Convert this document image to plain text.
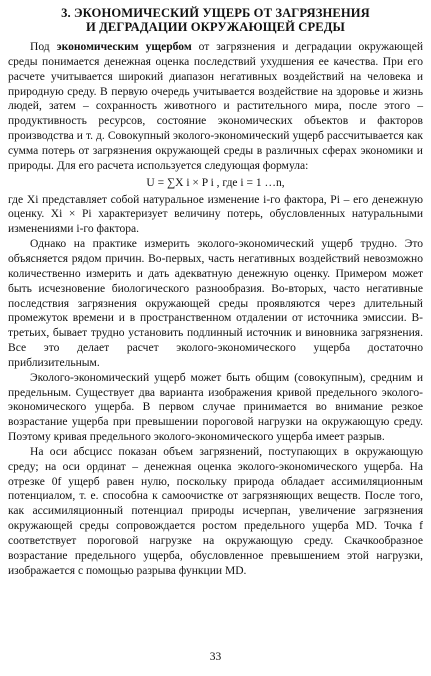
3. ЭКОНОМИЧЕСКИЙ УЩЕРБ ОТ ЗАГРЯЗНЕНИЯ
И ДЕГРАДАЦИИ ОКРУЖАЮЩЕЙ СРЕДЫ

Под экономическим ущербом от загрязнения и деградации окружающей среды понимается денежная оценка последствий ухудшения ее качества. При его расчете учитывается широкий диапазон негативных воздействий на человека и природную среду. В первую очередь учитывается воздействие на здоровье и жизнь людей, затем – сохранность животного и растительного мира, после этого – продуктивность ресурсов, состояние экономических объектов и факторов производства и т. д. Совокупный эколого-экономический ущерб рассчитывается как сумма потерь от загрязнения окружающей среды в различных сферах экономики и природы. Для его расчета используется следующая формула:

U = ∑X i × P i , где i = 1 …n,

где Xi представляет собой натуральное изменение i-го фактора, Pi – его денежную оценку. Xi × Pi характеризует величину потерь, обусловленных натуральными изменениями i-го фактора.

Однако на практике измерить эколого-экономический ущерб трудно. Это объясняется рядом причин. Во-первых, часть негативных воздействий невозможно количественно измерить и дать адекватную денежную оценку. Примером может быть исчезновение биологического разнообразия. Во-вторых, часто негативные последствия загрязнения окружающей среды проявляются через длительный промежуток времени и в пространственном отдалении от источника эмиссии. В-третьих, бывает трудно установить подлинный источник и виновника загрязнения. Все это делает расчет эколого-экономического ущерба достаточно приблизительным.

Эколого-экономический ущерб может быть общим (совокупным), средним и предельным. Существует два варианта изображения кривой предельного эколого-экономического ущерба. В первом случае принимается во внимание резкое возрастание ущерба при превышении пороговой нагрузки на окружающую среду. Поэтому кривая предельного эколого-экономического ущерба имеет разрыв.

На оси абсцисс показан объем загрязнений, поступающих в окружающую среду; на оси ординат – денежная оценка эколого-экономического ущерба. На отрезке 0f ущерб равен нулю, поскольку природа обладает ассимиляционным потенциалом, т. е. способна к самоочистке от загрязняющих веществ. После того, как ассимиляционный потенциал природы исчерпан, увеличение загрязнения окружающей среды сопровождается ростом предельного ущерба MD. Точка f соответствует пороговой нагрузке на окружающую среду. Скачкообразное возрастание предельного ущерба, обусловленное превышением этой нагрузки, изображается с помощью разрыва функции MD.

33
